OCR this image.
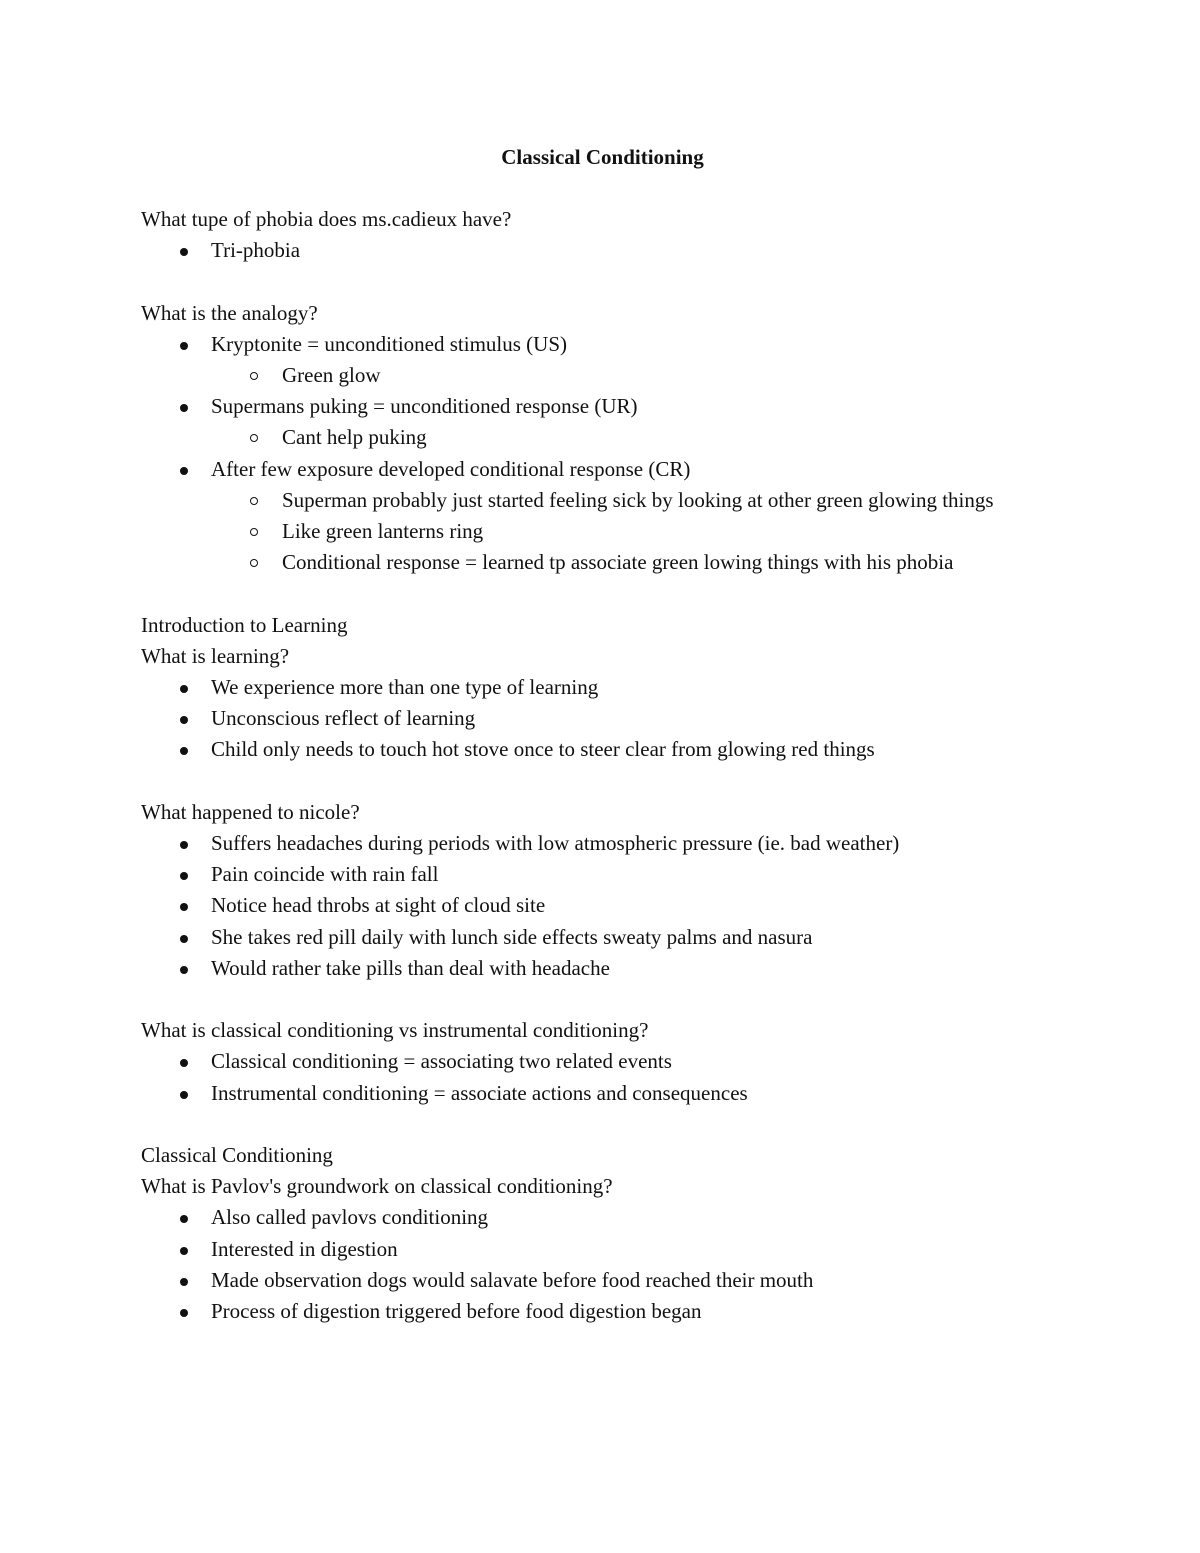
Classical Conditioning
What tupe of phobia does ms.cadieux have?
Tri-phobia
What is the analogy?
Kryptonite = unconditioned stimulus (US)
Green glow
Supermans puking = unconditioned response (UR)
Cant help puking
After few exposure developed conditional response (CR)
Superman probably just started feeling sick by looking at other green glowing things
Like green lanterns ring
Conditional response = learned tp associate green lowing things with his phobia
Introduction to Learning
What is learning?
We experience more than one type of learning
Unconscious reflect of learning
Child only needs to touch hot stove once to steer clear from glowing red things
What happened to nicole?
Suffers headaches during periods with low atmospheric pressure (ie. bad weather)
Pain coincide with rain fall
Notice head throbs at sight of cloud site
She takes red pill daily with lunch side effects sweaty palms and nasura
Would rather take pills than deal with headache
What is classical conditioning vs instrumental conditioning?
Classical conditioning = associating two related events
Instrumental conditioning = associate actions and consequences
Classical Conditioning
What is Pavlov's groundwork on classical conditioning?
Also called pavlovs conditioning
Interested in digestion
Made observation dogs would salavate before food reached their mouth
Process of digestion triggered before food digestion began
